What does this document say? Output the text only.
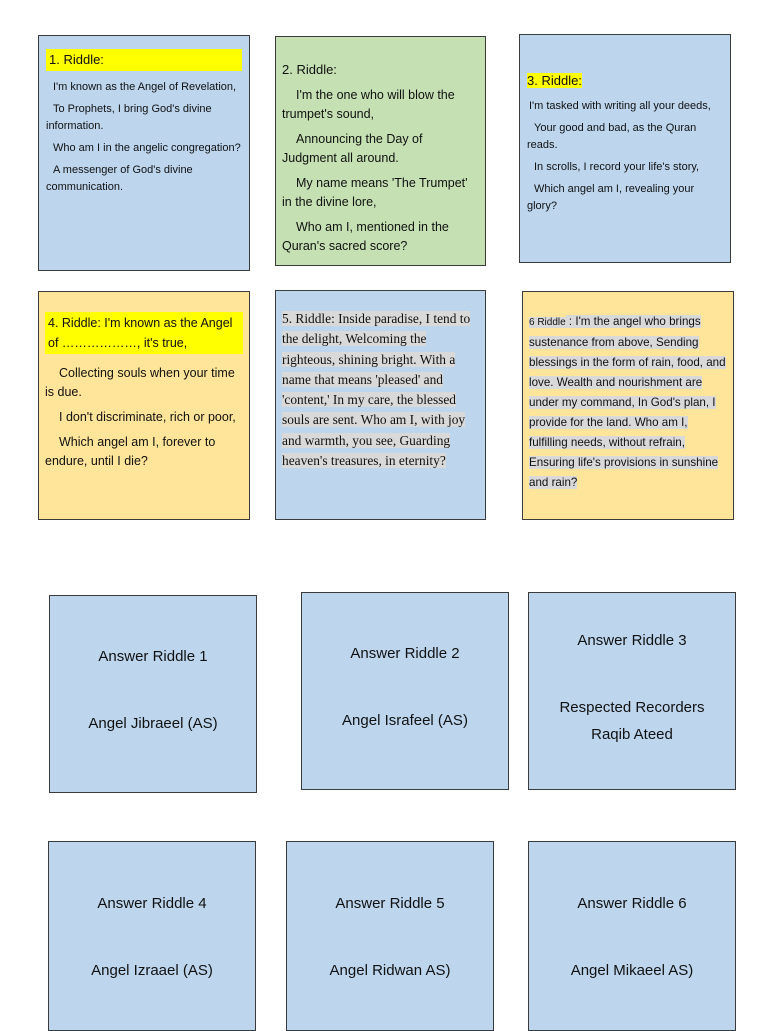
1. Riddle:

I'm known as the Angel of Revelation,

To Prophets, I bring God's divine information.

Who am I in the angelic congregation?

A messenger of God's divine communication.

2. Riddle:

I'm the one who will blow the trumpet's sound,

Announcing the Day of Judgment all around.

My name means 'The Trumpet' in the divine lore,

Who am I, mentioned in the Quran's sacred score?

3. Riddle:

I'm tasked with writing all your deeds,

Your good and bad, as the Quran reads.

In scrolls, I record your life's story,

Which angel am I, revealing your glory?

4. Riddle: I'm known as the Angel of ………………, it's true,

Collecting souls when your time is due.

I don't discriminate, rich or poor,

Which angel am I, forever to endure, until I die?

5. Riddle: Inside paradise, I tend to the delight, Welcoming the righteous, shining bright. With a name that means 'pleased' and 'content,' In my care, the blessed souls are sent. Who am I, with joy and warmth, you see, Guarding heaven's treasures, in eternity?

6 Riddle : I'm the angel who brings sustenance from above, Sending blessings in the form of rain, food, and love. Wealth and nourishment are under my command, In God's plan, I provide for the land. Who am I, fulfilling needs, without refrain, Ensuring life's provisions in sunshine and rain?

Answer Riddle 1
Angel Jibraeel (AS)
Answer Riddle 2
Angel Israfeel (AS)
Answer Riddle 3
Respected Recorders
Raqib Ateed
Answer Riddle 4
Angel Izraael (AS)
Answer Riddle 5
Angel Ridwan AS)
Answer Riddle 6
Angel Mikaeel AS)
